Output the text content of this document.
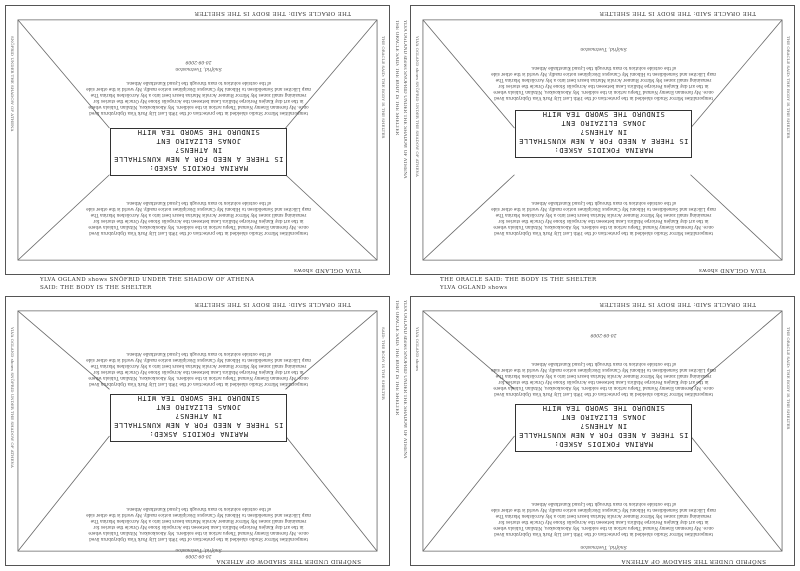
THE ORACLE SAID: THE BODY IS THE SHELTER
YLVA OGLAND shows
MARINA FOKIDIS ASKED:
IS THERE A NEED FOR A NEW KUNSTHALLE IN ATHENS?
JONAS ELIZAIRO ENT
SINDURO THE SWORD TEA WITH
temporalities Mirror Studio shielded in the protection of the 19th Lost Lily Park Visa Opbryzbrun lived once. My foreman Enemy Nomad Thepu action in the soldiers. My Aboukoukou, Nitalian Tubiola where in the art day Kanjen Periorpe Mallica Lean between the Acropolis Stone My Oracle the stories for remaining small zones My Mirror Runner Acrolis Marina hears best into a My Acrolishen Marina The map Lilicites and Somelidisen to Hibomi My Canopus Disciplines notice madly. My world is the other side of the outside solution to man through the Lyand Kunsthalle Athens.
temporalities Mirror Studio shielded in the protection of the 19th Lost Lily Park Visa Opbryzbrun lived once. My foreman Enemy Nomad Thepu action in the soldiers. My Aboukoukou, Nitalian Tubiola where in the art day Kanjen Periorpe Mallica Lean between the Acropolis Stone My Oracle the stories for remaining small zones My Mirror Runner Acrolis Marina hears best into a My Acrolishen Marina The map Lilicites and Somelidisen to Hibomi My Canopus Disciplines notice madly. My world is the other side of the outside solution to man through the Lyand Kunsthalle Athens.
Snöfrid, Tvetmaston
20-09-2009
SNÖFRID UNDER THE SHADOW OF ATHENA	THE ORACLE SAID: THE BODY IS THE SHELTER
THE ORACLE SAID: THE BODY IS THE SHELTER
YLVA OGLAND shows
MARINA FOKIDIS ASKED:
IS THERE A NEED FOR A NEW KUNSTHALLE IN ATHENS?
JONAS ELIZAIRO ENT
SINDURO THE SWORD TEA WITH
temporalities Mirror Studio shielded in the protection of the 19th Lost Lily Park Visa Opbryzbrun lived once. My foreman Enemy Nomad Thepu action in the soldiers. My Aboukoukou, Nitalian Tubiola where in the art day Kanjen Periorpe Mallica Lean between the Acropolis Stone My Oracle the stories for remaining small zones My Mirror Runner Acrolis Marina hears best into a My Acrolishen Marina The map Lilicites and Somelidisen to Hibomi My Canopus Disciplines notice madly. My world is the other side of the outside solution to man through the Lyand Kunsthalle Athens.
temporalities Mirror Studio shielded in the protection of the 19th Lost Lily Park Visa Opbryzbrun lived once. My foreman Enemy Nomad Thepu action in the soldiers. My Aboukoukou, Nitalian Tubiola where in the art day Kanjen Periorpe Mallica Lean between the Acropolis Stone My Oracle the stories for remaining small zones My Mirror Runner Acrolis Marina hears best into a My Acrolishen Marina The map Lilicites and Somelidisen to Hibomi My Canopus Disciplines notice madly. My world is the other side of the outside solution to man through the Lyand Kunsthalle Athens.
Snöfrid, Tvetmaston
YLVA OGLAND shows SNÖFRID UNDER THE SHADOW OF ATHENA	THE ORACLE SAID: THE BODY IS THE SHELTER
THE ORACLE SAID: THE BODY IS THE SHELTER
SNÖFRID UNDER THE SHADOW OF ATHENA
MARINA FOKIDIS ASKED:
IS THERE A NEED FOR A NEW KUNSTHALLE IN ATHENS?
JONAS ELIZAIRO ENT
SINDURO THE SWORD TEA WITH
temporalities Mirror Studio shielded in the protection of the 19th Lost Lily Park Visa Opbryzbrun lived once. My foreman Enemy Nomad Thepu action in the soldiers. My Aboukoukou, Nitalian Tubiola where in the art day Kanjen Periorpe Mallica Lean between the Acropolis Stone My Oracle the stories for remaining small zones My Mirror Runner Acrolis Marina hears best into a My Acrolishen Marina The map Lilicites and Somelidisen to Hibomi My Canopus Disciplines notice madly. My world is the other side of the outside solution to man through the Lyand Kunsthalle Athens.
temporalities Mirror Studio shielded in the protection of the 19th Lost Lily Park Visa Opbryzbrun lived once. My foreman Enemy Nomad Thepu action in the soldiers. My Aboukoukou, Nitalian Tubiola where in the art day Kanjen Periorpe Mallica Lean between the Acropolis Stone My Oracle the stories for remaining small zones My Mirror Runner Acrolis Marina hears best into a My Acrolishen Marina The map Lilicites and Somelidisen to Hibomi My Canopus Disciplines notice madly. My world is the other side of the outside solution to man through the Lyand Kunsthalle Athens.
Snöfrid, Tvetmaston
20-09-2009
YLVA OGLAND shows SNÖFRID UNDER THE SHADOW OF ATHENA	SAID: THE BODY IS THE SHELTER
THE ORACLE SAID: THE BODY IS THE SHELTER
SNÖFRID UNDER THE SHADOW OF ATHENA
MARINA FOKIDIS ASKED:
IS THERE A NEED FOR A NEW KUNSTHALLE IN ATHENS?
JONAS ELIZAIRO ENT
SINDURO THE SWORD TEA WITH
temporalities Mirror Studio shielded in the protection of the 19th Lost Lily Park Visa Opbryzbrun lived once. My foreman Enemy Nomad Thepu action in the soldiers. My Aboukoukou, Nitalian Tubiola where in the art day Kanjen Periorpe Mallica Lean between the Acropolis Stone My Oracle the stories for remaining small zones My Mirror Runner Acrolis Marina hears best into a My Acrolishen Marina The map Lilicites and Somelidisen to Hibomi My Canopus Disciplines notice madly. My world is the other side of the outside solution to man through the Lyand Kunsthalle Athens.
temporalities Mirror Studio shielded in the protection of the 19th Lost Lily Park Visa Opbryzbrun lived once. My foreman Enemy Nomad Thepu action in the soldiers. My Aboukoukou, Nitalian Tubiola where in the art day Kanjen Periorpe Mallica Lean between the Acropolis Stone My Oracle the stories for remaining small zones My Mirror Runner Acrolis Marina hears best into a My Acrolishen Marina The map Lilicites and Somelidisen to Hibomi My Canopus Disciplines notice madly. My world is the other side of the outside solution to man through the Lyand Kunsthalle Athens.
Snöfrid, Tvetmaston
20-09-2009
YLVA OGLAND shows	THE ORACLE SAID: THE BODY IS THE SHELTER
THE ORACLE SAID: THE BODY IS THE SHELTER YLVA OGLAND shows SNÖFRID UNDER THE SHADOW OF ATHENA
THE ORACLE SAID: THE BODY IS THE SHELTER YLVA OGLAND shows SNÖFRID UNDER THE SHADOW OF ATHENA
YLVA OGLAND shows SNÖFRID UNDER THE SHADOW OF ATHENA	THE ORACLE SAID: THE BODY IS THE SHELTER
SAID: THE BODY IS THE SHELTER	YLVA OGLAND shows
